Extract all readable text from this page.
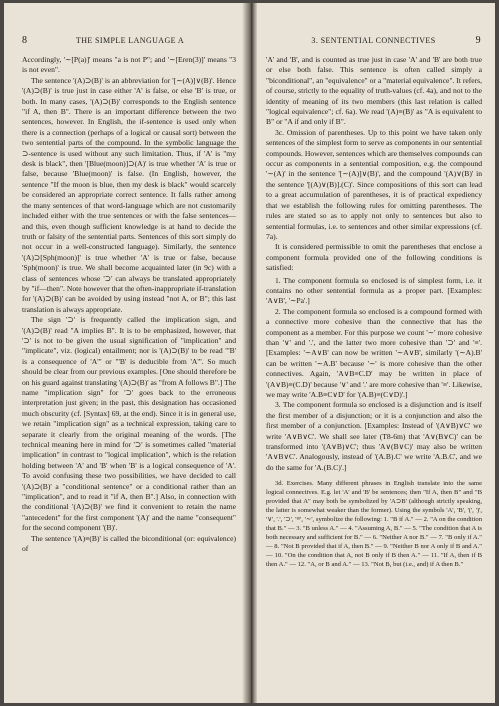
8	THE SIMPLE LANGUAGE A

Accordingly, '∼[P(a)]' means "a is not P"; and '∼[Eren(3)]' means "3 is not even".

The sentence '(A)⊃(B)' is an abbreviation for '[∼(A)]∨(B)'. Hence '(A)⊃(B)' is true just in case either 'A' is false, or else 'B' is true, or both. In many cases, '(A)⊃(B)' corresponds to the English sentence "if A, then B". There is an important difference between the two sentences, however. In English, the if-sentence is used only when there is a connection (perhaps of a logical or causal sort) between the two sentential parts of the compound. In the symbolic language the ⊃-sentence is used without any such limitation. Thus, if 'A' is "my desk is black", then '[Blue(moon)]⊃(A)' is true whether 'A' is true or false, because 'Blue(moon)' is false. (In English, however, the sentence "If the moon is blue, then my desk is black" would scarcely be considered an appropriate correct sentence. It falls rather among the many sentences of that word-language which are not customarily included either with the true sentences or with the false sentences—and this, even though sufficient knowledge is at hand to decide the truth or falsity of the sentential parts. Sentences of this sort simply do not occur in a well-constructed language). Similarly, the sentence '(A)⊃[Sph(moon)]' is true whether 'A' is true or false, because 'Sph(moon)' is true. We shall become acquainted later (in 9c) with a class of sentences whose '⊃' can always be translated appropriately by "if—then". Note however that the often-inappropriate if-translation for '(A)⊃(B)' can be avoided by using instead "not A, or B"; this last translation is always appropriate.

The sign '⊃' is frequently called the implication sign, and '(A)⊃(B)' read "A implies B". It is to be emphasized, however, that '⊃' is not to be given the usual signification of "implication" and "implicate", viz. (logical) entailment; nor is '(A)⊃(B)' to be read "'B' is a consequence of 'A'" or "'B' is deducible from 'A'". So much should be clear from our previous examples. [One should therefore be on his guard against translating '(A)⊃(B)' as "from A follows B".] The name "implication sign" for '⊃' goes back to the erroneous interpretation just given; in the past, this designation has occasioned much obscurity (cf. [Syntax] 69, at the end). Since it is in general use, we retain "implication sign" as a technical expression, taking care to separate it clearly from the original meaning of the words. [The technical meaning here in mind for '⊃' is sometimes called "material implication" in contrast to "logical implication", which is the relation holding between 'A' and 'B' when 'B' is a logical consequence of 'A'. To avoid confusing these two possibilities, we have decided to call '(A)⊃(B)' a "conditional sentence" or a conditional rather than an "implication", and to read it "if A, then B".] Also, in connection with the conditional '(A)⊃(B)' we find it convenient to retain the name "antecedent" for the first component '(A)' and the name "consequent" for the second component '(B)'.

The sentence '(A)≡(B)' is called the biconditional (or: equivalence) of

3. SENTENTIAL CONNECTIVES	9

'A' and 'B', and is counted as true just in case 'A' and 'B' are both true or else both false. This sentence is often called simply a "biconditional", an "equivalence" or a "material equivalence". It refers, of course, strictly to the equality of truth-values (cf. 4a), and not to the identity of meaning of its two members (this last relation is called "logical equivalence"; cf. 6a). We read '(A)≡(B)' as "A is equivalent to B" or "A if and only if B".

3c. Omission of parentheses. Up to this point we have taken only sentences of the simplest form to serve as components in our sentential compounds. However, sentences which are themselves compounds can occur as components in a sentential composition, e.g. the compound '∼(A)' in the sentence '[∼(A)]∨(B)', and the compound '(A)∨(B)' in the sentence '[(A)∨(B)].(C)'. Since compositions of this sort can lead to a great accumulation of parentheses, it is of practical expediency that we establish the following rules for omitting parentheses. The rules are stated so as to apply not only to sentences but also to sentential formulas, i.e. to sentences and other similar expressions (cf. 7a).

It is considered permissible to omit the parentheses that enclose a component formula provided one of the following conditions is satisfied:

1. The component formula so enclosed is of simplest form, i.e. it contains no other sentential formula as a proper part. [Examples: 'A∨B', '∼Pa'.]

2. The component formula so enclosed is a compound formed with a connective more cohesive than the connective that has the component as a member. For this purpose we count '∼' more cohesive than '∨' and '.', and the latter two more cohesive than '⊃' and '≡'. [Examples: '∼A∨B' can now be written '∼A∨B', similarly '(∼A).B' can be written '∼A.B' because '∼' is more cohesive than the other connectives. Again, 'A∨B≡C.D' may be written in place of '(A∨B)≡(C.D)' because '∨' and '.' are more cohesive than '≡'. Likewise, we may write 'A.B≡C∨D' for '(A.B)≡(C∨D)'.]

3. The component formula so enclosed is a disjunction and is itself the first member of a disjunction; or it is a conjunction and also the first member of a conjunction. [Examples: Instead of '(A∨B)∨C' we write 'A∨B∨C'. We shall see later (T8-6m) that 'A∨(B∨C)' can be transformed into '(A∨B)∨C'; thus 'A∨(B∨C)' may also be written 'A∨B∨C'. Analogously, instead of '(A.B).C' we write 'A.B.C', and we do the same for 'A.(B.C)'.]

3d. Exercises. Many different phrases in English translate into the same logical connectives. E.g. let 'A' and 'B' be sentences; then "If A, then B" and "B provided that A" may both be symbolized by 'A⊃B' (although strictly speaking, the latter is somewhat weaker than the former). Using the symbols 'A', 'B', '(', ')', '∨', '.', '⊃', '≡', '∼', symbolize the following: 1. "B if A." — 2. "A on the condition that B." — 3. "B unless A." — 4. "Assuming A, B." — 5. "The condition that A is both necessary and sufficient for B." — 6. "Neither A nor B." — 7. "B only if A." — 8. "Not B provided that if A, then B." — 9. "Neither B nor A only if B and A." — 10. "On the condition that A, not B only if B then A." — 11. "If A, then if B then A." — 12. "A, or B and A." — 13. "Not B, but (i.e., and) if A then B."
